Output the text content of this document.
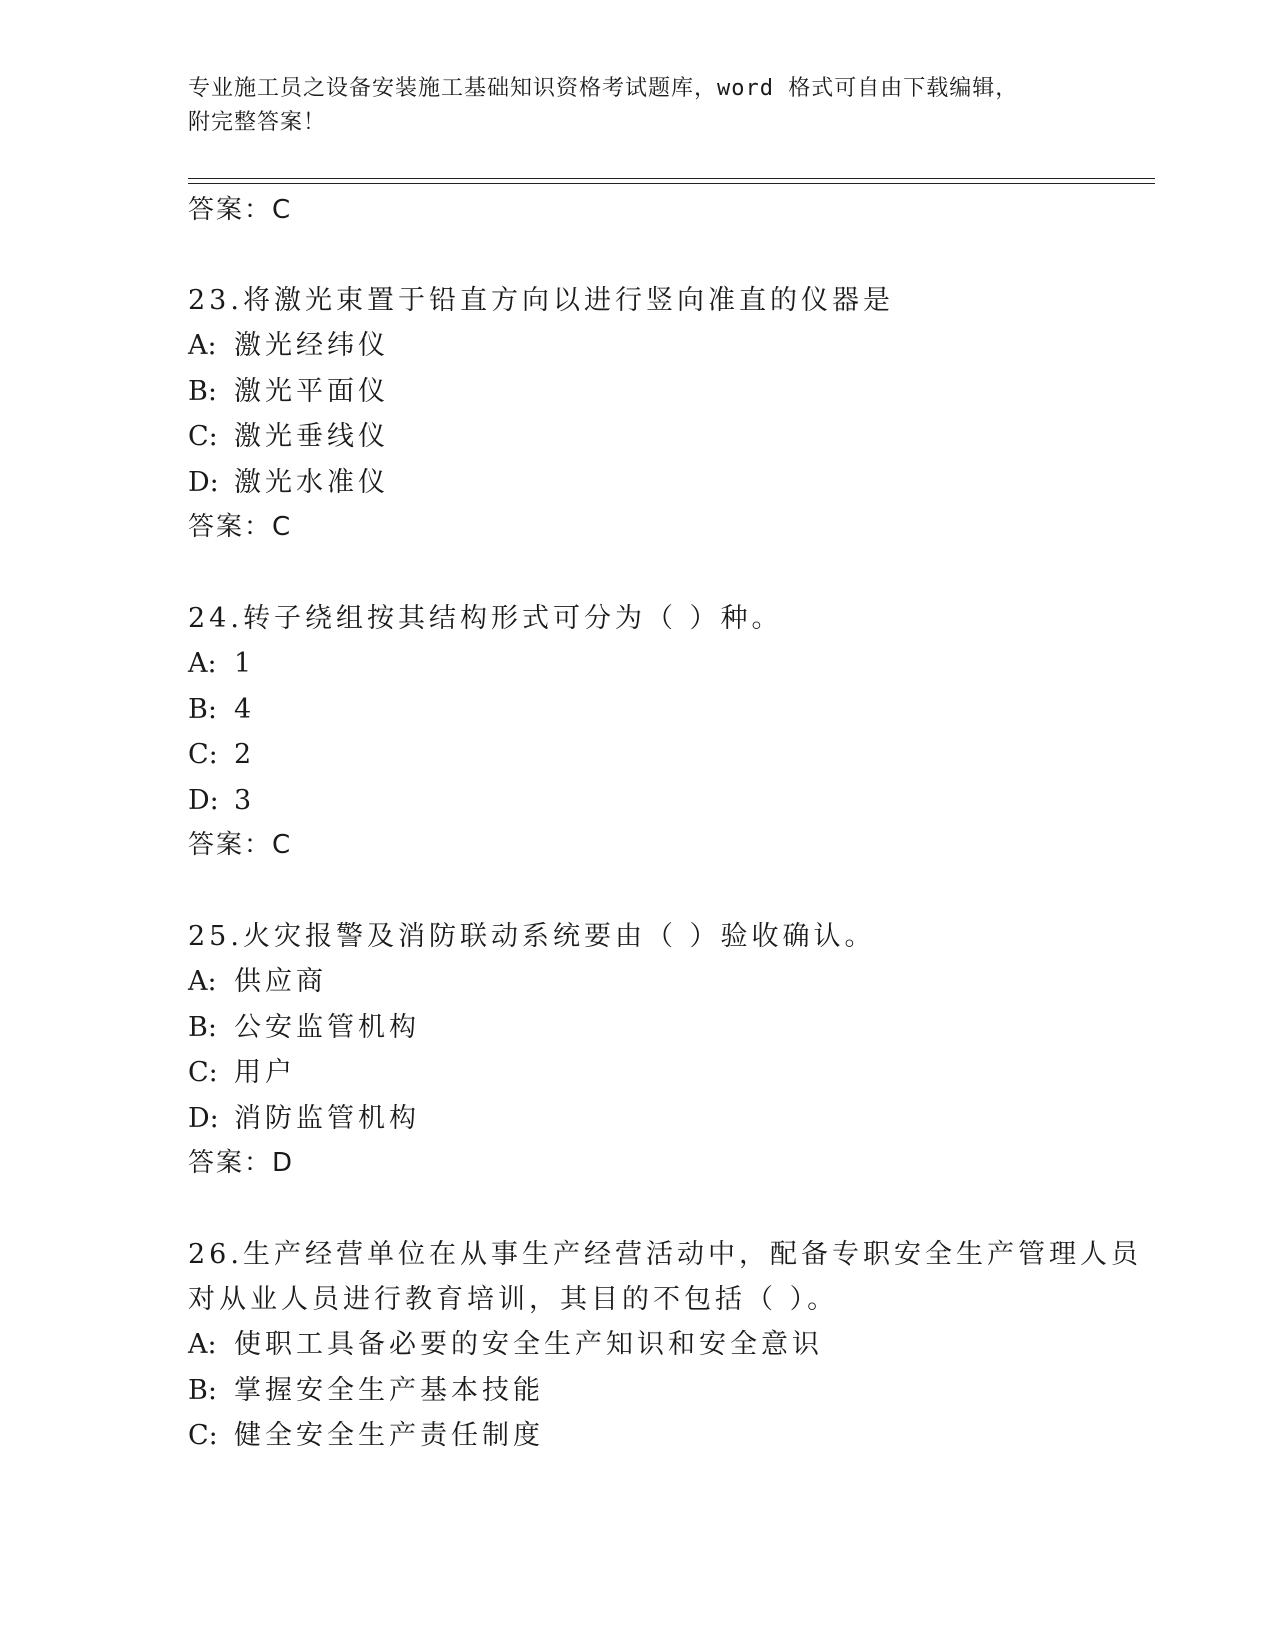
专业施工员之设备安装施工基础知识资格考试题库，word 格式可自由下载编辑，
附完整答案！
答案：C
23.将激光束置于铅直方向以进行竖向准直的仪器是
A: 激光经纬仪
B: 激光平面仪
C: 激光垂线仪
D: 激光水准仪
答案：C
24.转子绕组按其结构形式可分为（ ）种。
A: 1
B: 4
C: 2
D: 3
答案：C
25.火灾报警及消防联动系统要由（ ）验收确认。
A: 供应商
B: 公安监管机构
C: 用户
D: 消防监管机构
答案：D
26.生产经营单位在从事生产经营活动中，配备专职安全生产管理人员
对从业人员进行教育培训，其目的不包括（ ）。
A: 使职工具备必要的安全生产知识和安全意识
B: 掌握安全生产基本技能
C: 健全安全生产责任制度
